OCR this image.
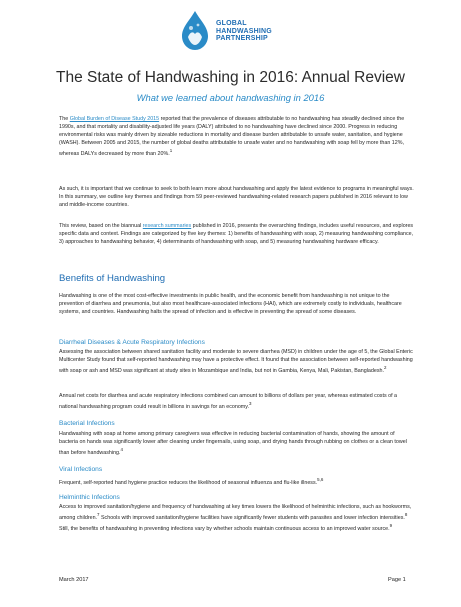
GLOBAL
HANDWASHING
PARTNERSHIP
The State of Handwashing in 2016: Annual Review
What we learned about handwashing in 2016

The Global Burden of Disease Study 2015 reported that the prevalence of diseases attributable to no handwashing has steadily declined since the 1990s, and that mortality and disability-adjusted life years (DALY) attributed to no handwashing have declined since 2000. Progress in reducing environmental risks was mainly driven by sizeable reductions in mortality and disease burden attributable to unsafe water, sanitation, and hygiene (WASH). Between 2005 and 2015, the number of global deaths attributable to unsafe water and no handwashing with soap fell by more than 12%, whereas DALYs decreased by more than 20%.$^1$

As such, it is important that we continue to seek to both learn more about handwashing and apply the latest evidence to programs in meaningful ways. In this summary, we outline key themes and findings from 59 peer-reviewed handwashing-related research papers published in 2016 relevant to low and middle-income countries.

This review, based on the biannual research summaries published in 2016, presents the overarching findings, includes useful resources, and explores specific data and context. Findings are categorized by five key themes: 1) benefits of handwashing with soap, 2) measuring handwashing compliance, 3) approaches to handwashing behavior, 4) determinants of handwashing with soap, and 5) measuring handwashing hardware efficacy.

Benefits of Handwashing

Handwashing is one of the most cost-effective investments in public health, and the economic benefit from handwashing is not unique to the prevention of diarrhea and pneumonia, but also most healthcare-associated infections (HAI), which are extremely costly to individuals, healthcare systems, and countries. Handwashing halts the spread of infection and is effective in preventing the spread of some diseases.

Diarrheal Diseases & Acute Respiratory Infections

Assessing the association between shared sanitation facility and moderate to severe diarrhea (MSD) in children under the age of 5, the Global Enteric Multicenter Study found that self-reported handwashing may have a protective effect. It found that the association between self-reported handwashing with soap or ash and MSD was significant at study sites in Mozambique and India, but not in Gambia, Kenya, Mali, Pakistan, Bangladesh.$^2$

Annual net costs for diarrhea and acute respiratory infections combined can amount to billions of dollars per year, whereas estimated costs of a national handwashing program could result in billions in savings for an economy.$^3$

Bacterial Infections

Handwashing with soap at home among primary caregivers was effective in reducing bacterial contamination of hands, showing the amount of bacteria on hands was significantly lower after cleaning under fingernails, using soap, and drying hands through rubbing on clothes or a clean towel than before handwashing.$^4$

Viral Infections

Frequent, self-reported hand hygiene practice reduces the likelihood of seasonal influenza and flu-like illness.$^{5,6}$

Helminthic Infections

Access to improved sanitation/hygiene and frequency of handwashing at key times lowers the likelihood of helminthic infections, such as hookworms, among children.$^7$ Schools with improved sanitation/hygiene facilities have significantly fewer students with parasites and lower infection intensities.$^8$ Still, the benefits of handwashing in preventing infections vary by whether schools maintain continuous access to an improved water source.$^9$

March 2017	Page 1
